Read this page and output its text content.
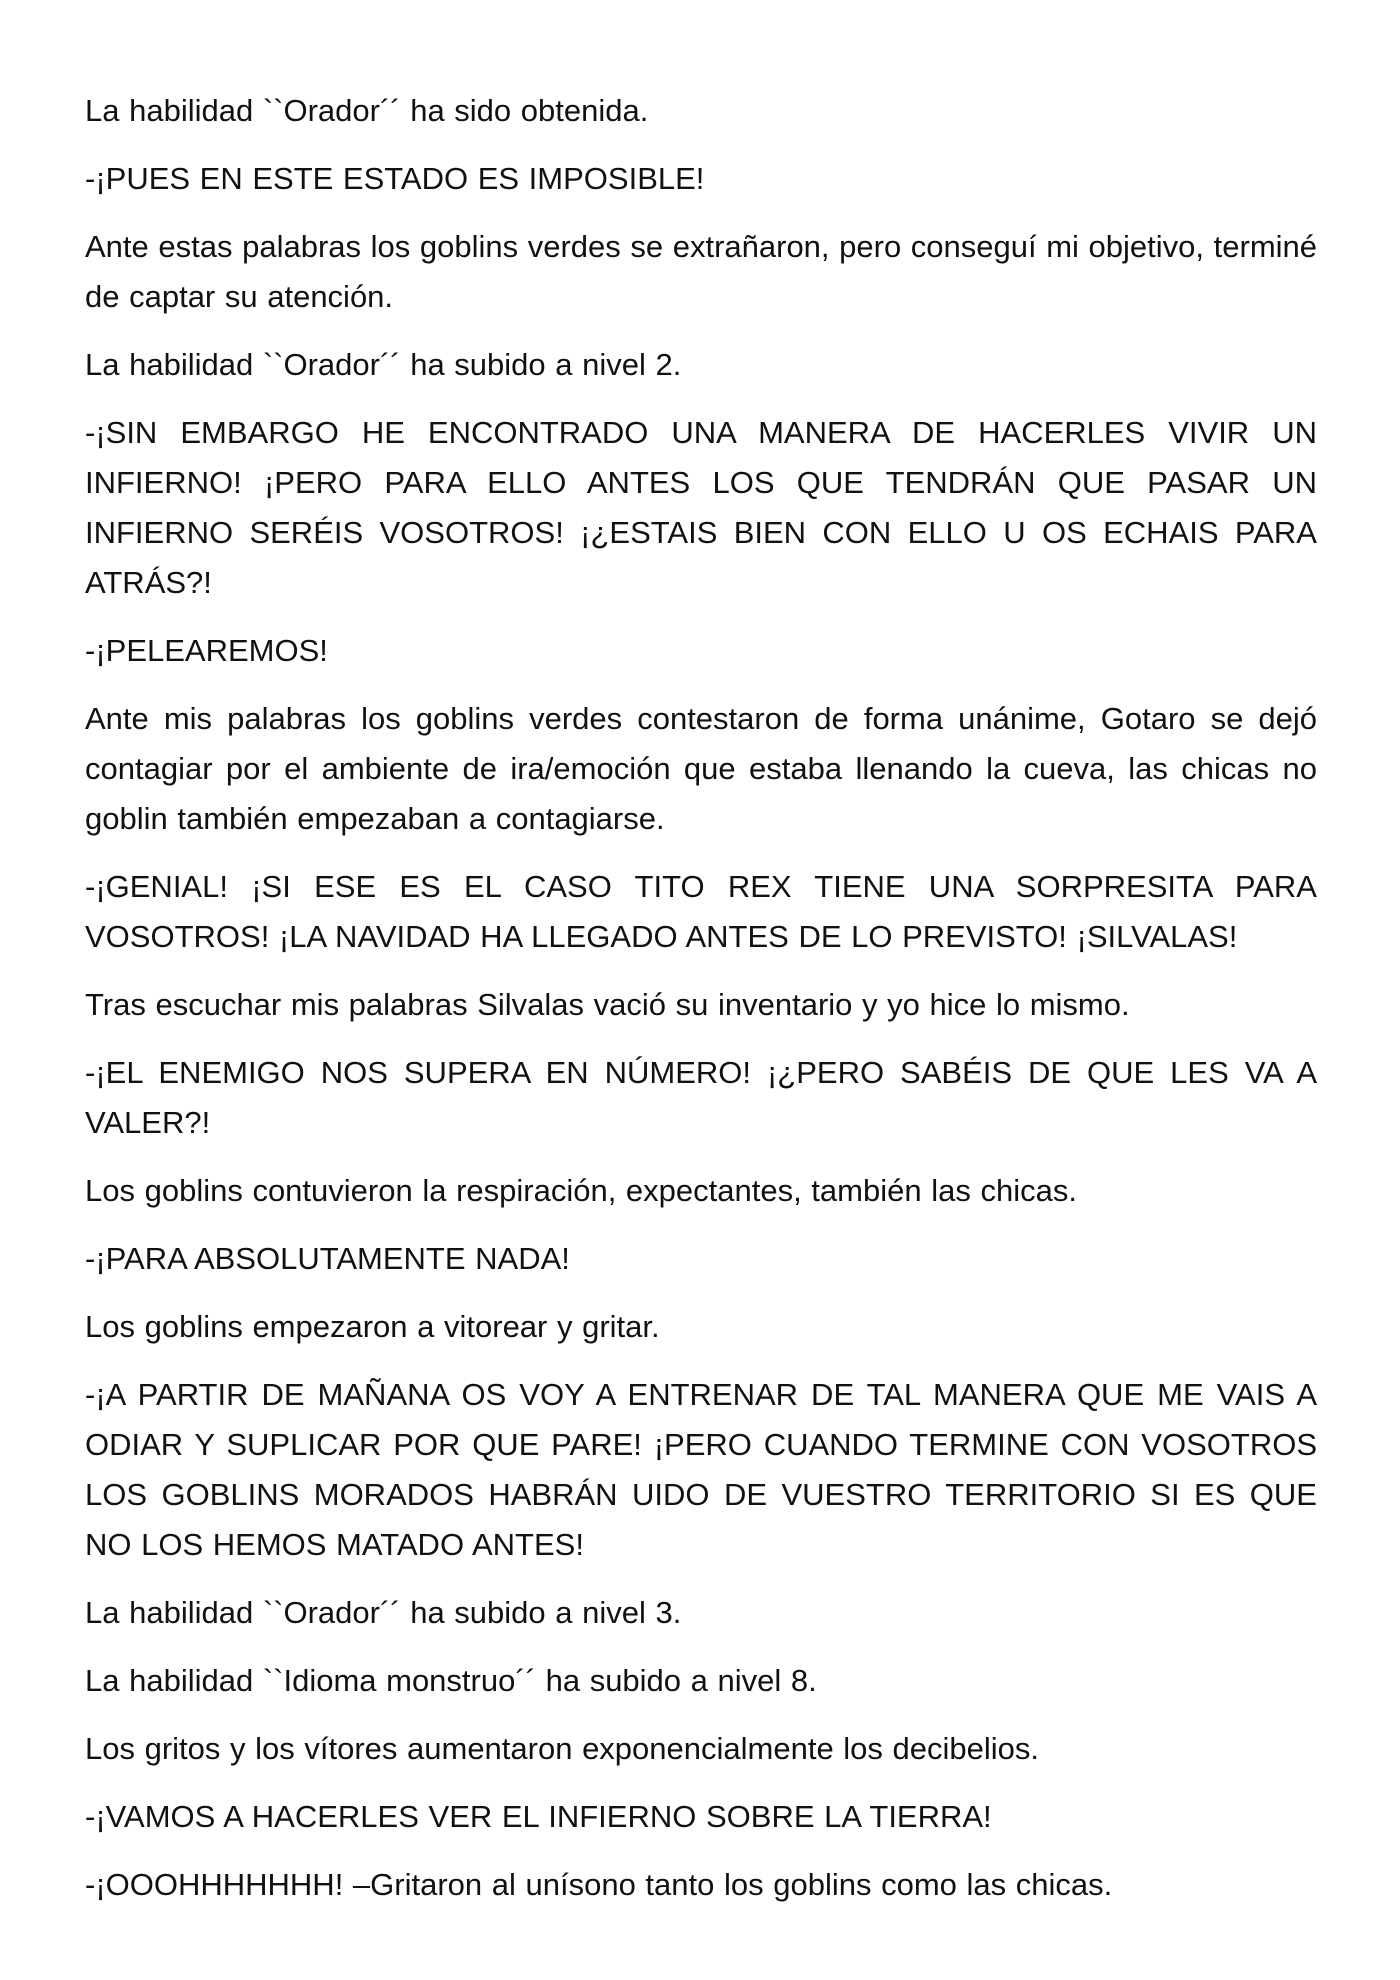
La habilidad ``Orador´´ ha sido obtenida.

-¡PUES EN ESTE ESTADO ES IMPOSIBLE!

Ante estas palabras los goblins verdes se extrañaron, pero conseguí mi objetivo, terminé de captar su atención.

La habilidad ``Orador´´ ha subido a nivel 2.

-¡SIN EMBARGO HE ENCONTRADO UNA MANERA DE HACERLES VIVIR UN INFIERNO! ¡PERO PARA ELLO ANTES LOS QUE TENDRÁN QUE PASAR UN INFIERNO SERÉIS VOSOTROS! ¡¿ESTAIS BIEN CON ELLO U OS ECHAIS PARA ATRÁS?!

-¡PELEAREMOS!

Ante mis palabras los goblins verdes contestaron de forma unánime, Gotaro se dejó contagiar por el ambiente de ira/emoción que estaba llenando la cueva, las chicas no goblin también empezaban a contagiarse.

-¡GENIAL! ¡SI ESE ES EL CASO TITO REX TIENE UNA SORPRESITA PARA VOSOTROS! ¡LA NAVIDAD HA LLEGADO ANTES DE LO PREVISTO! ¡SILVALAS!

Tras escuchar mis palabras Silvalas vació su inventario y yo hice lo mismo.

-¡EL ENEMIGO NOS SUPERA EN NÚMERO! ¡¿PERO SABÉIS DE QUE LES VA A VALER?!

Los goblins contuvieron la respiración, expectantes, también las chicas.

-¡PARA ABSOLUTAMENTE NADA!

Los goblins empezaron a vitorear y gritar.

-¡A PARTIR DE MAÑANA OS VOY A ENTRENAR DE TAL MANERA QUE ME VAIS A ODIAR Y SUPLICAR POR QUE PARE! ¡PERO CUANDO TERMINE CON VOSOTROS LOS GOBLINS MORADOS HABRÁN UIDO DE VUESTRO TERRITORIO SI ES QUE NO LOS HEMOS MATADO ANTES!

La habilidad ``Orador´´ ha subido a nivel 3.

La habilidad ``Idioma monstruo´´ ha subido a nivel 8.

Los gritos y los vítores aumentaron exponencialmente los decibelios.

-¡VAMOS A HACERLES VER EL INFIERNO SOBRE LA TIERRA!

-¡OOOHHHHHHH! –Gritaron al unísono tanto los goblins como las chicas.
